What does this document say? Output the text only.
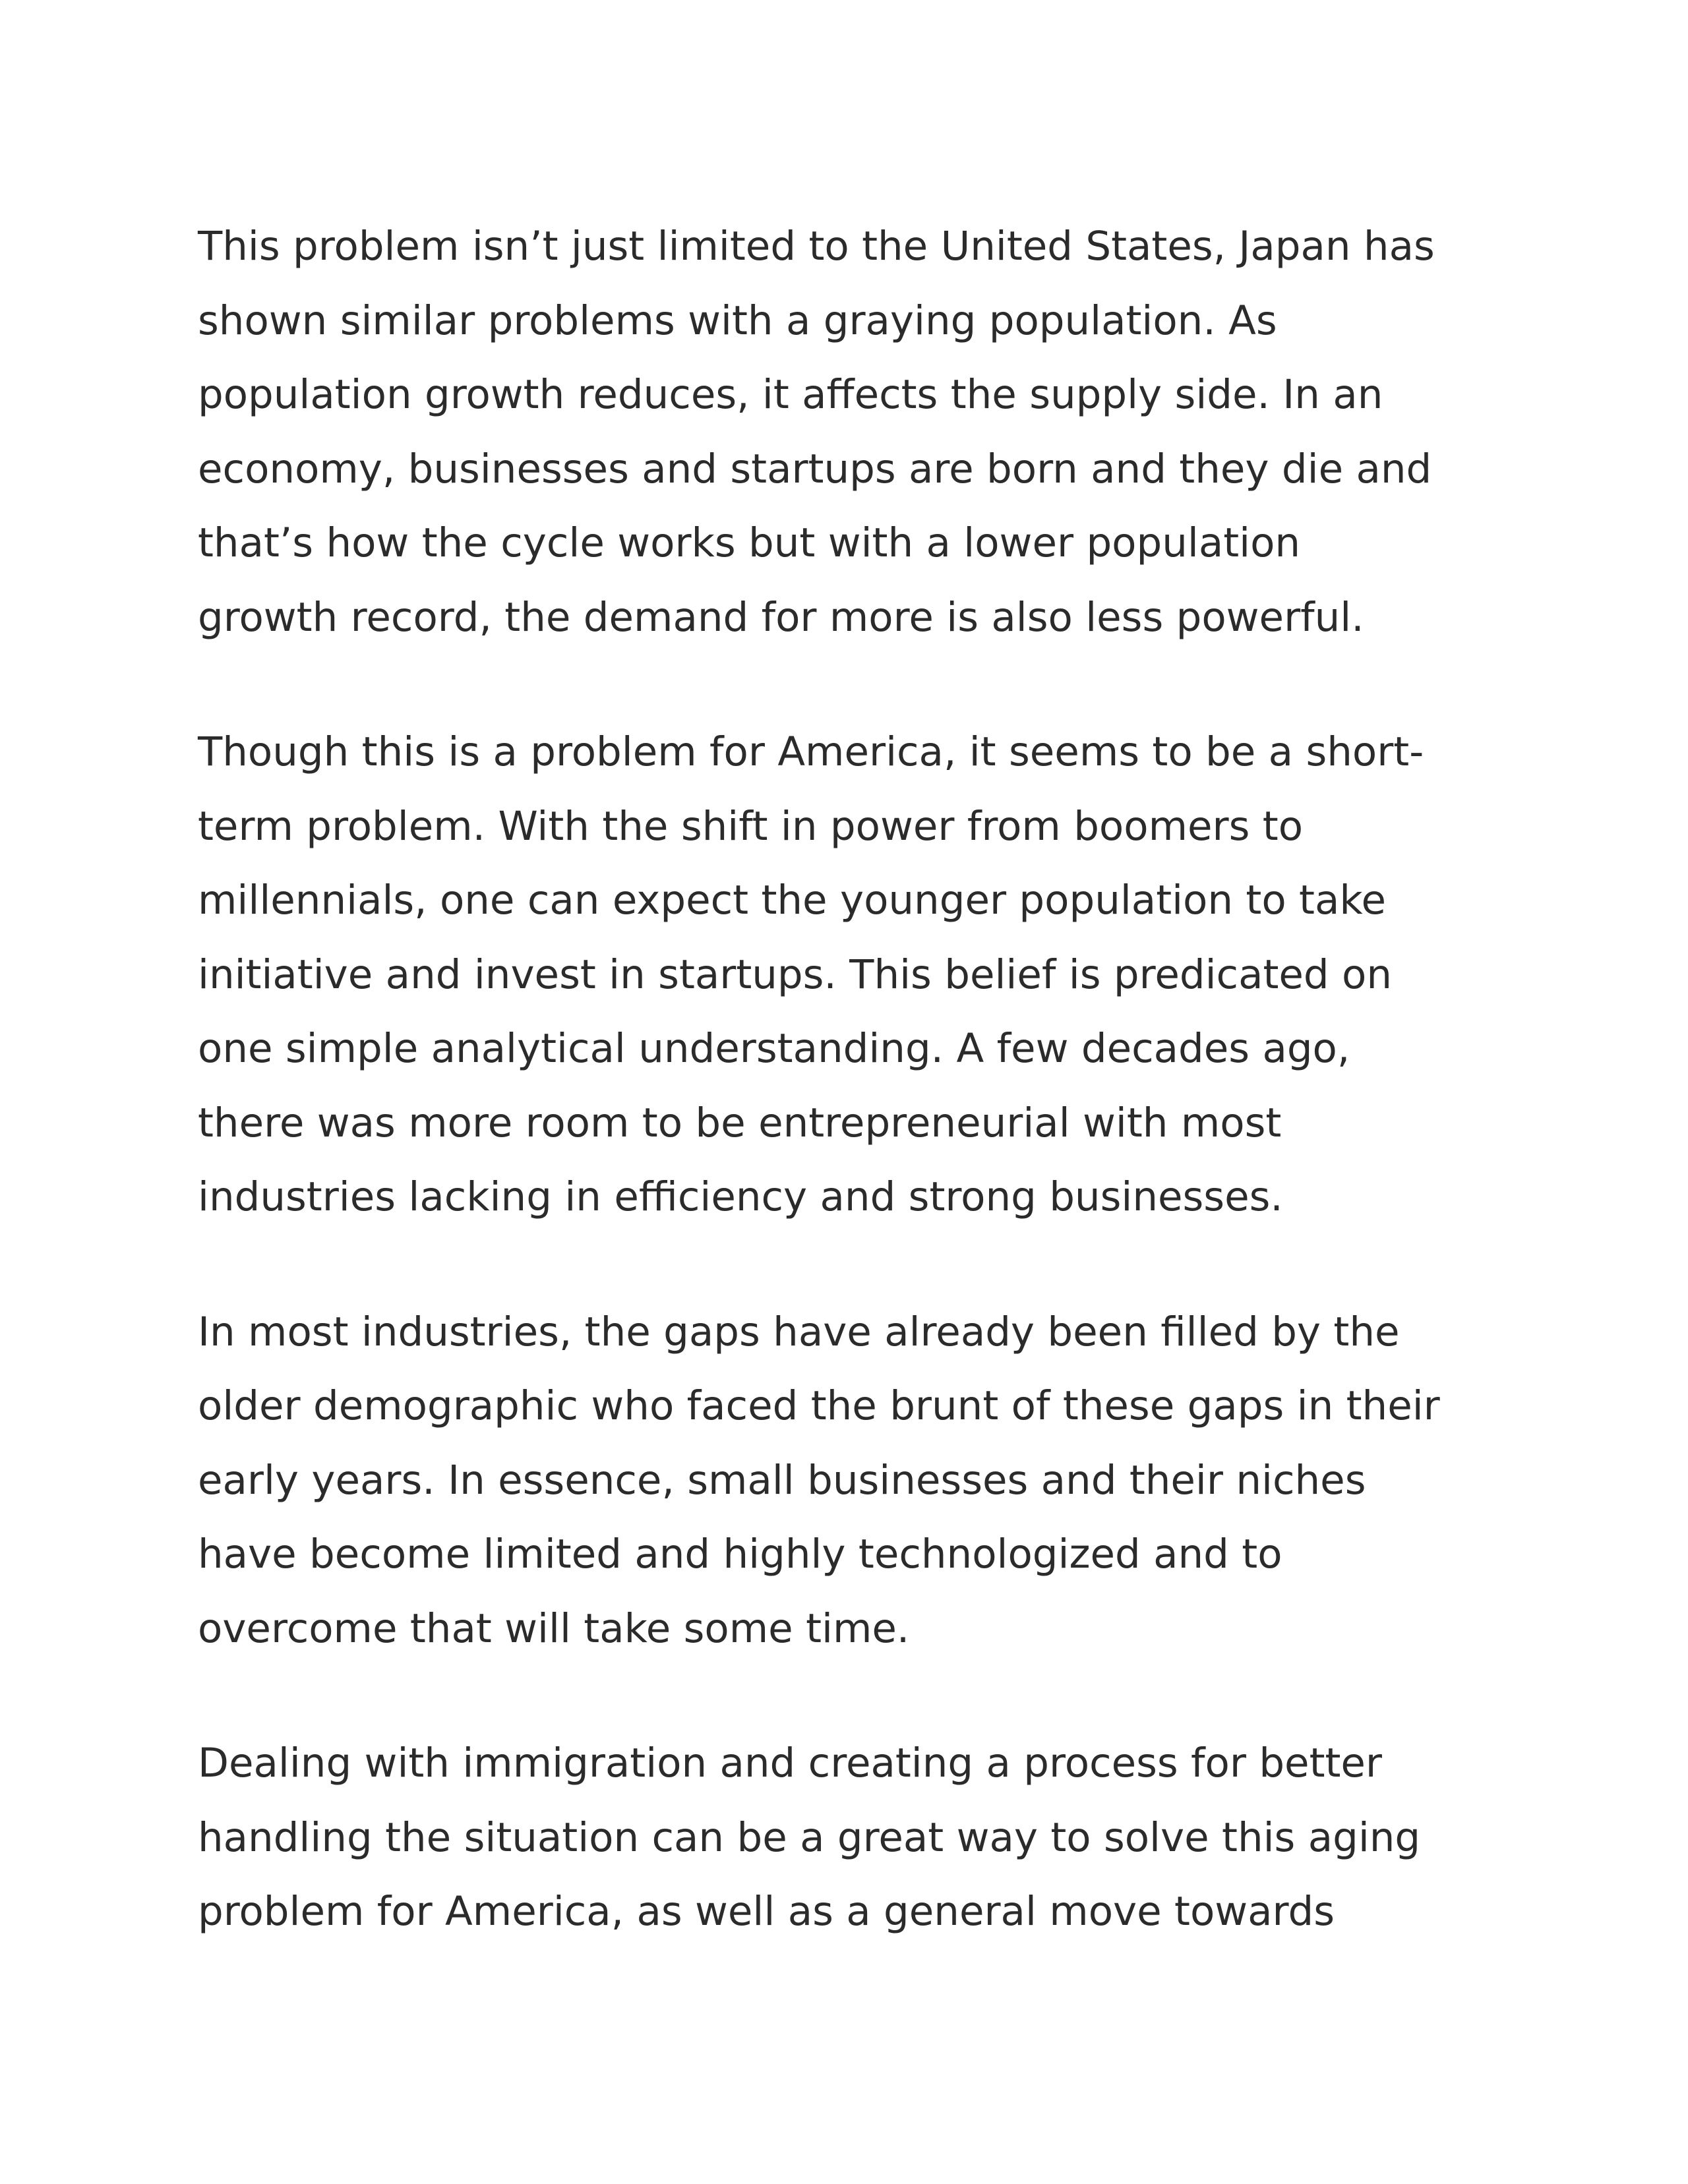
This problem isn’t just limited to the United States, Japan has
shown similar problems with a graying population. As
population growth reduces, it affects the supply side. In an
economy, businesses and startups are born and they die and
that’s how the cycle works but with a lower population
growth record, the demand for more is also less powerful.
Though this is a problem for America, it seems to be a short-
term problem. With the shift in power from boomers to
millennials, one can expect the younger population to take
initiative and invest in startups. This belief is predicated on
one simple analytical understanding. A few decades ago,
there was more room to be entrepreneurial with most
industries lacking in efficiency and strong businesses.
In most industries, the gaps have already been filled by the
older demographic who faced the brunt of these gaps in their
early years. In essence, small businesses and their niches
have become limited and highly technologized and to
overcome that will take some time.
Dealing with immigration and creating a process for better
handling the situation can be a great way to solve this aging
problem for America, as well as a general move towards
